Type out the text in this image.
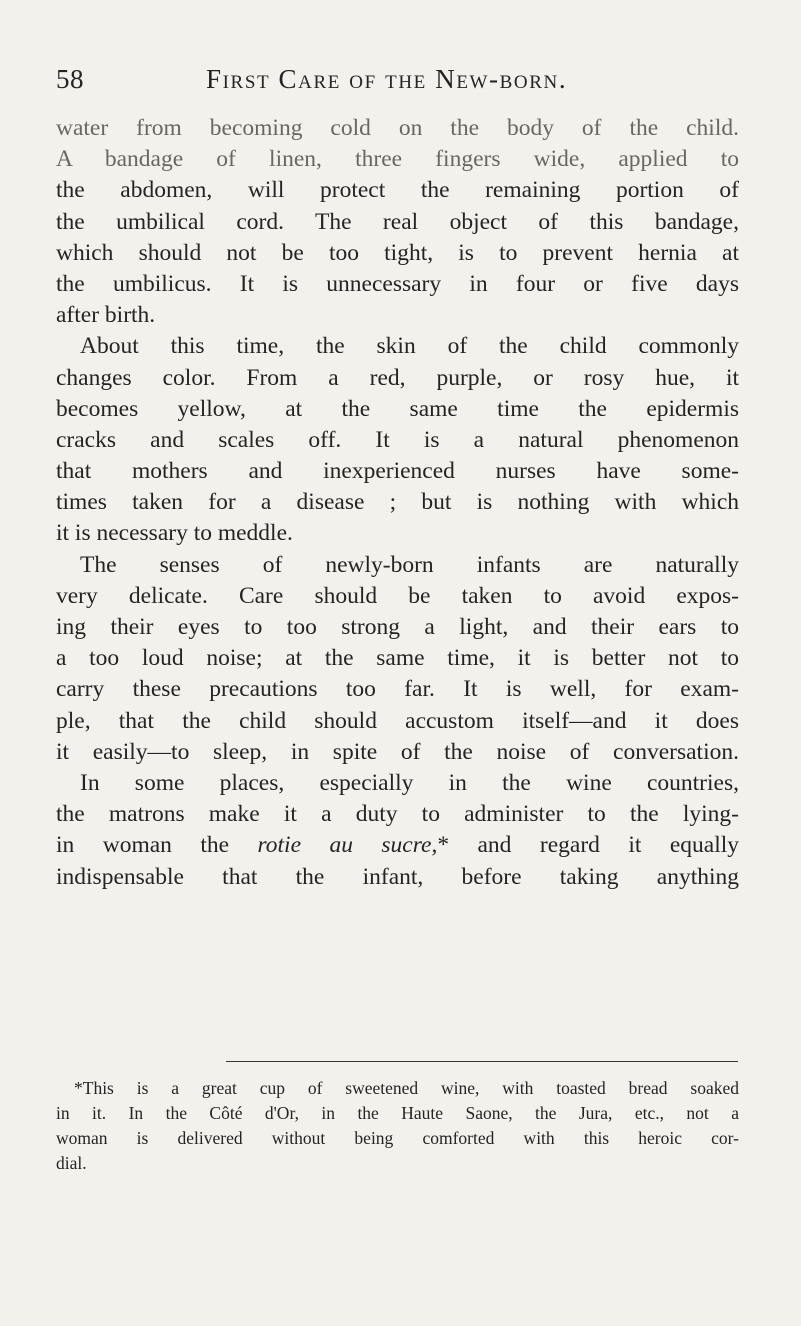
58	First Care of the New-born.
water from becoming cold on the body of the child.
A bandage of linen, three fingers wide, applied to
the abdomen, will protect the remaining portion of
the umbilical cord. The real object of this bandage,
which should not be too tight, is to prevent hernia at
the umbilicus. It is unnecessary in four or five days
after birth.
About this time, the skin of the child commonly
changes color. From a red, purple, or rosy hue, it
becomes yellow, at the same time the epidermis
cracks and scales off. It is a natural phenomenon
that mothers and inexperienced nurses have some-
times taken for a disease ; but is nothing with which
it is necessary to meddle.
The senses of newly-born infants are naturally
very delicate. Care should be taken to avoid expos-
ing their eyes to too strong a light, and their ears to
a too loud noise; at the same time, it is better not to
carry these precautions too far. It is well, for exam-
ple, that the child should accustom itself—and it does
it easily—to sleep, in spite of the noise of conversation.
In some places, especially in the wine countries,
the matrons make it a duty to administer to the lying-
in woman the rotie au sucre,* and regard it equally
indispensable that the infant, before taking anything
*This is a great cup of sweetened wine, with toasted bread soaked
in it. In the Côté d'Or, in the Haute Saone, the Jura, etc., not a
woman is delivered without being comforted with this heroic cor-
dial.
